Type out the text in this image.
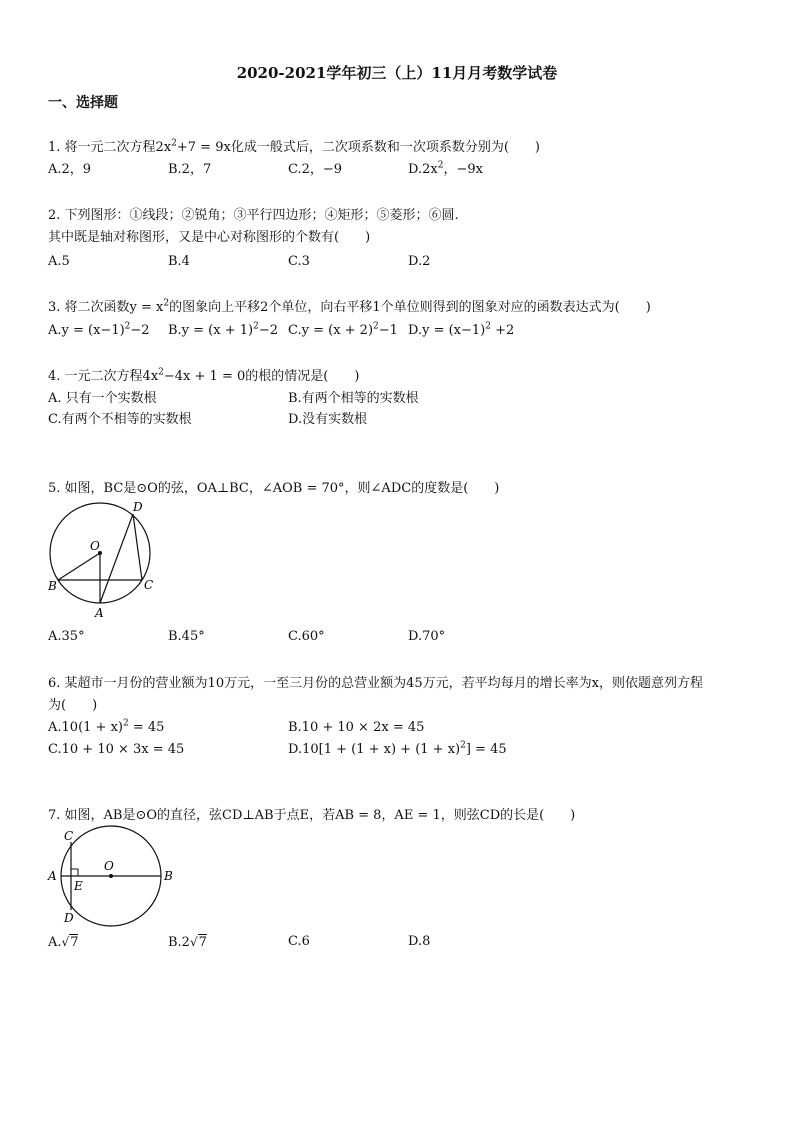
2020-2021学年初三（上）11月月考数学试卷
一、选择题
1. 将一元二次方程$2x^2+7 = 9x$化成一般式后，二次项系数和一次项系数分别为(　　)
A.2，9	B.2，7	C.2，−9	$D.2x^2$，−9x
2. 下列图形：①线段；②锐角；③平行四边形；④矩形；⑤菱形；⑥圆.
其中既是轴对称图形，又是中心对称图形的个数有(　　)
A.5	B.4	C.3	D.2
3. 将二次函数$y = x^2$的图象向上平移2个单位，向右平移1个单位则得到的图象对应的函数表达式为(　　)
$A.y = (x-1)^2-2$ $B.y = (x + 1)^2-2$ $C.y = (x + 2)^2-1$ $D.y = (x-1)^2 +2$
4. 一元二次方程$4x^2-4x + 1 = 0$的根的情况是(　　)
A. 只有一个实数根	B.有两个相等的实数根
C.有两个不相等的实数根	D.没有实数根
5. 如图，BC是⊙O的弦，OA⊥BC，∠AOB = 70°，则∠ADC的度数是(　　)
O
B	C
D
A
A.35°	B.45°	C.60°	D.70°
6. 某超市一月份的营业额为10万元，一至三月份的总营业额为45万元，若平均每月的增长率为x，则依题意列方程
为(　　)
$A.10(1 + x)^2 = 45$	B.10 + 10 × 2x = 45
C.10 + 10 × 3x = 45	$D.10[1 + (1 + x) + (1 + x)^2] = 45$
7. 如图，AB是⊙O的直径，弦CD⊥AB于点E，若AB = 8，AE = 1，则弦CD的长是(　　)
A	B
C
D
E
O
A.√7	B.2√7	C.6	D.8
